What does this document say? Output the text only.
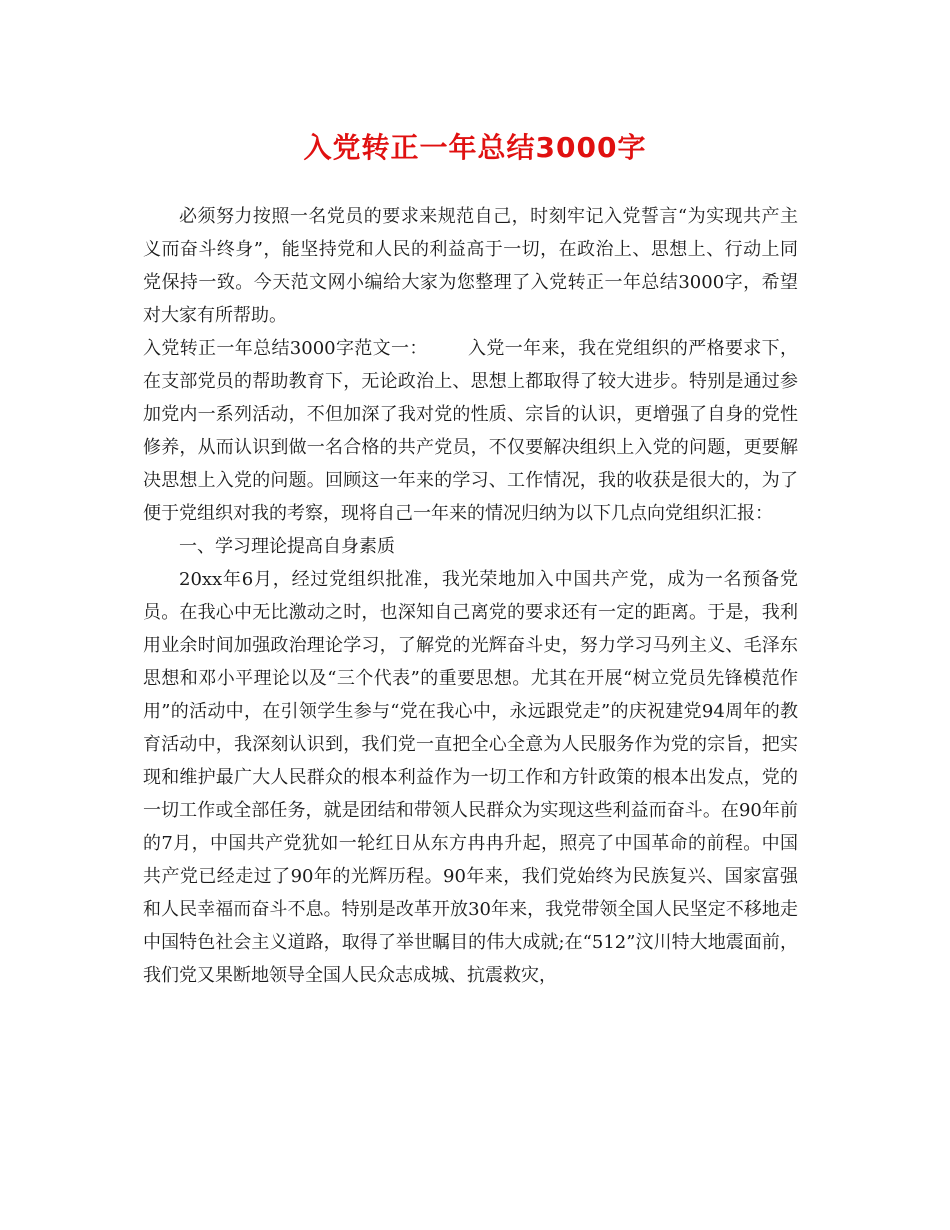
入党转正一年总结3000字

必须努力按照一名党员的要求来规范自己，时刻牢记入党誓言“为实现共产主义而奋斗终身”，能坚持党和人民的利益高于一切，在政治上、思想上、行动上同党保持一致。今天范文网小编给大家为您整理了入党转正一年总结3000字，希望对大家有所帮助。

入党转正一年总结3000字范文一： 入党一年来，我在党组织的严格要求下，在支部党员的帮助教育下，无论政治上、思想上都取得了较大进步。特别是通过参加党内一系列活动，不但加深了我对党的性质、宗旨的认识，更增强了自身的党性修养，从而认识到做一名合格的共产党员，不仅要解决组织上入党的问题，更要解决思想上入党的问题。回顾这一年来的学习、工作情况，我的收获是很大的，为了便于党组织对我的考察，现将自己一年来的情况归纳为以下几点向党组织汇报：

一、学习理论提高自身素质

20xx年6月，经过党组织批准，我光荣地加入中国共产党，成为一名预备党员。在我心中无比激动之时，也深知自己离党的要求还有一定的距离。于是，我利用业余时间加强政治理论学习，了解党的光辉奋斗史，努力学习马列主义、毛泽东思想和邓小平理论以及“三个代表”的重要思想。尤其在开展“树立党员先锋模范作用”的活动中，在引领学生参与“党在我心中，永远跟党走”的庆祝建党94周年的教育活动中，我深刻认识到，我们党一直把全心全意为人民服务作为党的宗旨，把实现和维护最广大人民群众的根本利益作为一切工作和方针政策的根本出发点，党的一切工作或全部任务，就是团结和带领人民群众为实现这些利益而奋斗。在90年前的7月，中国共产党犹如一轮红日从东方冉冉升起，照亮了中国革命的前程。中国共产党已经走过了90年的光辉历程。90年来，我们党始终为民族复兴、国家富强和人民幸福而奋斗不息。特别是改革开放30年来，我党带领全国人民坚定不移地走中国特色社会主义道路，取得了举世瞩目的伟大成就;在“512”汶川特大地震面前，我们党又果断地领导全国人民众志成城、抗震救灾，
